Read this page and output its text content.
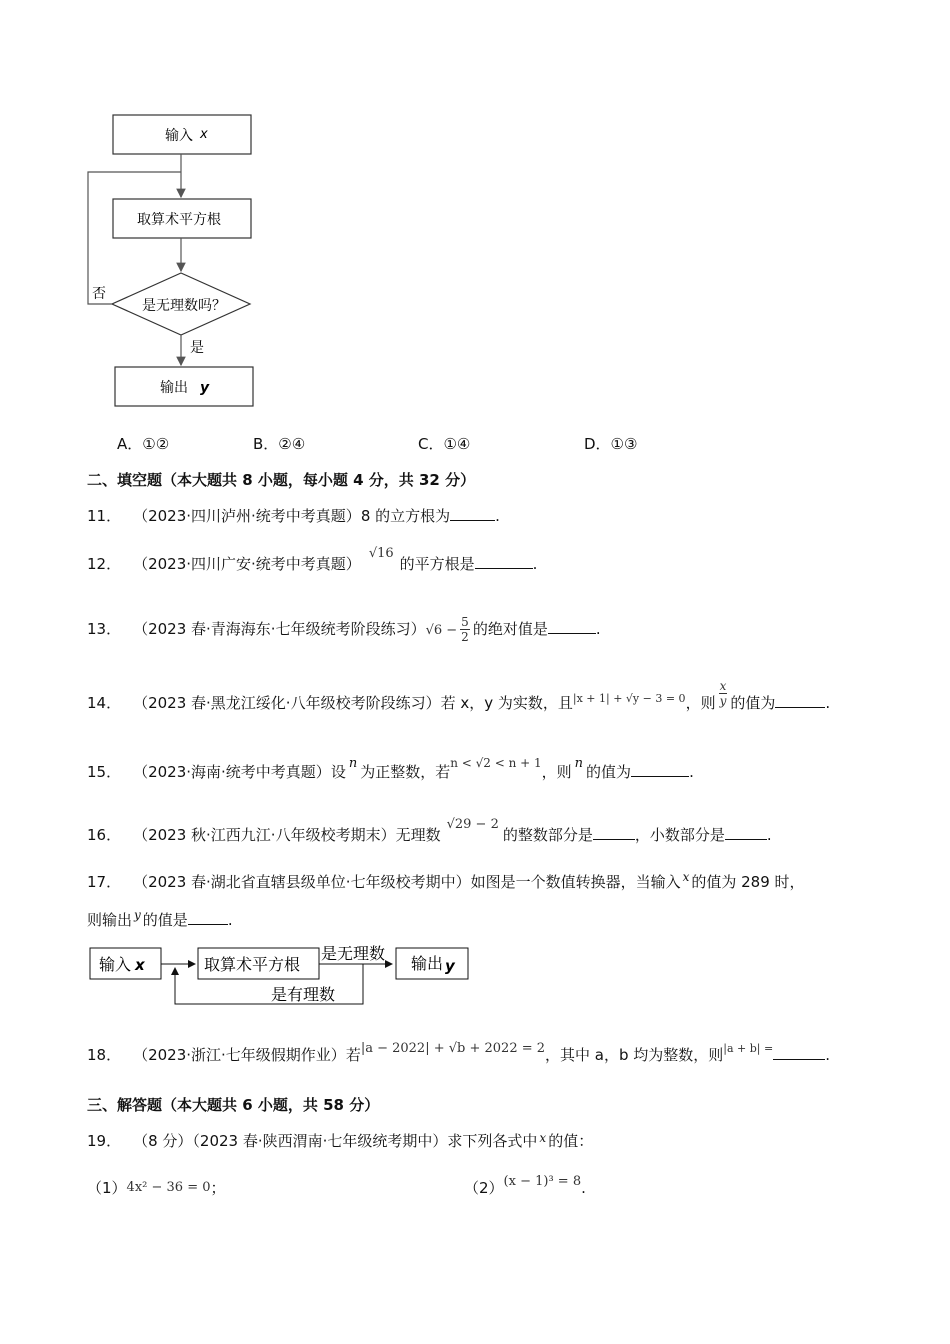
输入 x
取算术平方根
是无理数吗？
否
是
输出 y
A．①②	B．②④	C．①④	D．①③
二、填空题（本大题共 8 小题，每小题 4 分，共 32 分）
11． （2023·四川泸州·统考中考真题）8 的立方根为	.
12． （2023·四川广安·统考中考真题）√16的平方根是	.
13． （2023 春·青海海东·七年级统考阶段练习）$√6 - \frac{5}{2}$ 的绝对值是	.
14． （2023 春·黑龙江绥化·八年级校考阶段练习）若 x，y 为实数，且$^{|x + 1| + √y - 3 = 0}$，则 $\frac{x}{y}$ 的值为	.
15． （2023·海南·统考中考真题）设 n 为正整数，若$^{n < √2 < n + 1}$，则 n 的值为	.
16． （2023 秋·江西九江·八年级校考期末）无理数√29 − 2的整数部分是	，小数部分是	.
17． （2023 春·湖北省直辖县级单位·七年级校考期中）如图是一个数值转换器，当输入 $^x$ 的值为 289 时，
则输出 $^y$ 的值是	.
输入 x	取算术平方根
是无理数
输出 y
是有理数
18． （2023·浙江·七年级假期作业）若|a − 2022| + √b + 2022 = 2，其中 a，b 均为整数，则$^{|a + b| =}$	.
三、解答题（本大题共 6 小题，共 58 分）
19． （8 分）（2023 春·陕西渭南·七年级统考期中）求下列各式中 $^x$ 的值：
（1）4x² − 36 = 0；	（2）(x − 1)³ = 8.
